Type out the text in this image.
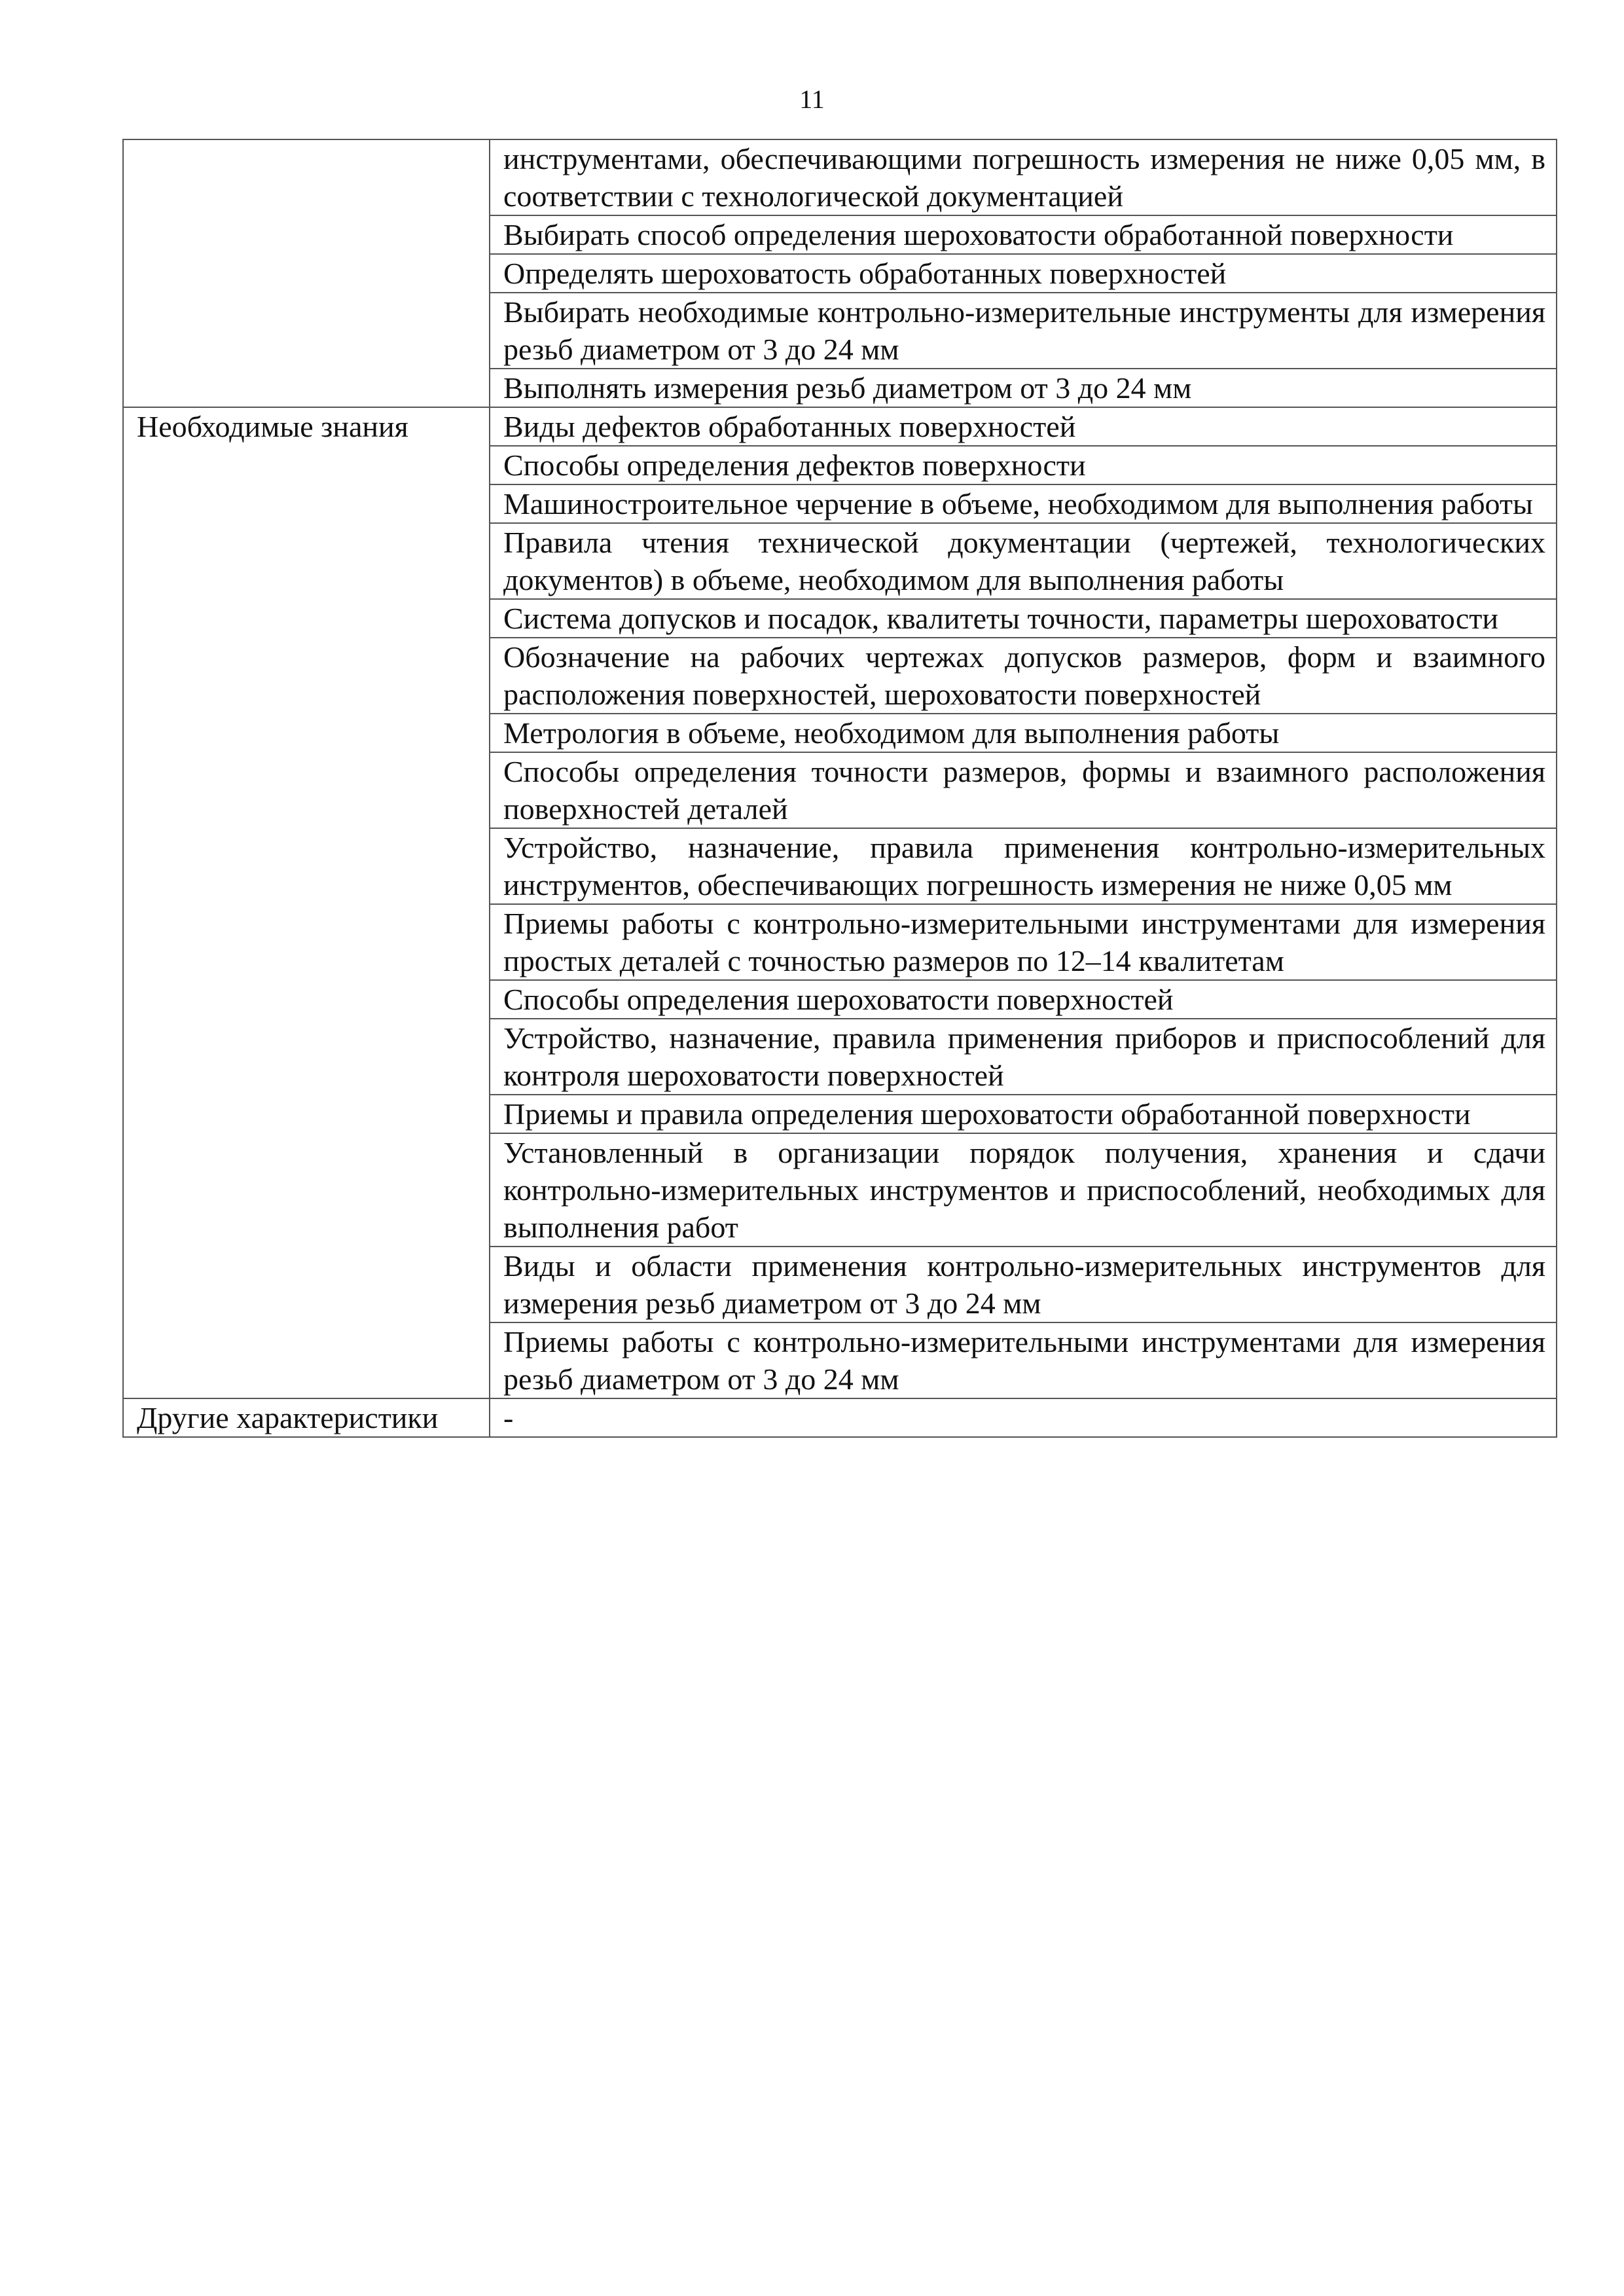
11
	инструментами, обеспечивающими погрешность измерения не ниже 0,05 мм, в соответствии с технологической документацией
	Выбирать способ определения шероховатости обработанной поверхности
	Определять шероховатость обработанных поверхностей
	Выбирать необходимые контрольно-измерительные инструменты для измерения резьб диаметром от 3 до 24 мм
	Выполнять измерения резьб диаметром от 3 до 24 мм
Необходимые знания	Виды дефектов обработанных поверхностей
	Способы определения дефектов поверхности
	Машиностроительное черчение в объеме, необходимом для выполнения работы
	Правила чтения технической документации (чертежей, технологических документов) в объеме, необходимом для выполнения работы
	Система допусков и посадок, квалитеты точности, параметры шероховатости
	Обозначение на рабочих чертежах допусков размеров, форм и взаимного расположения поверхностей, шероховатости поверхностей
	Метрология в объеме, необходимом для выполнения работы
	Способы определения точности размеров, формы и взаимного расположения поверхностей деталей
	Устройство, назначение, правила применения контрольно-измерительных инструментов, обеспечивающих погрешность измерения не ниже 0,05 мм
	Приемы работы с контрольно-измерительными инструментами для измерения простых деталей с точностью размеров по 12–14 квалитетам
	Способы определения шероховатости поверхностей
	Устройство, назначение, правила применения приборов и приспособлений для контроля шероховатости поверхностей
	Приемы и правила определения шероховатости обработанной поверхности
	Установленный в организации порядок получения, хранения и сдачи контрольно-измерительных инструментов и приспособлений, необходимых для выполнения работ
	Виды и области применения контрольно-измерительных инструментов для измерения резьб диаметром от 3 до 24 мм
	Приемы работы с контрольно-измерительными инструментами для измерения резьб диаметром от 3 до 24 мм
Другие характеристики	-
